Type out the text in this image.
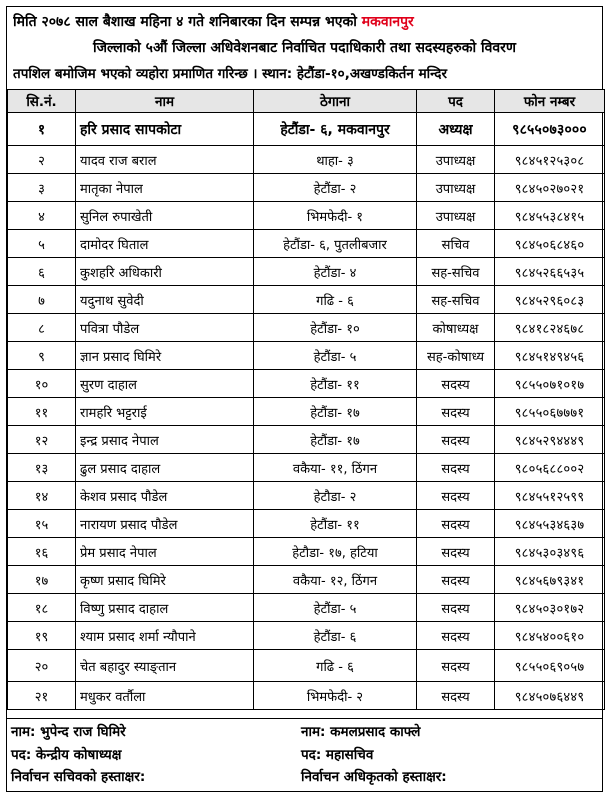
मिति २०७८ साल बैशाख महिना ४ गते शनिबारका दिन सम्पन्न भएको मकवानपुर

जिल्लाको ५औं जिल्ला अधिवेशनबाट निर्वाचित पदाधिकारी तथा सदस्यहरुको विवरण

तपशिल बमोजिम भएको व्यहोरा प्रमाणित गरिन्छ । स्थान: हेटौंडा-१०,अखण्डकिर्तन मन्दिर

सि.नं.	नाम	ठेगाना	पद	फोन नम्बर
१	हरि प्रसाद सापकोटा	हेटौंडा- ६, मकवानपुर	अध्यक्ष	९८५५०७३०००
२	यादव राज बराल	थाहा- ३	उपाध्यक्ष	९८४५१२५३०८
३	मातृका नेपाल	हेटौंडा- २	उपाध्यक्ष	९८४५०२७०२१
४	सुनिल रुपाखेती	भिमफेदी- १	उपाध्यक्ष	९८४५५३८४१५
५	दामोदर घिताल	हेटौंडा- ६, पुतलीबजार	सचिव	९८४५०६८४६०
६	कुशहरि अधिकारी	हेटौंडा- ४	सह-सचिव	९८४५२६६५३५
७	यदुनाथ सुवेदी	गढि - ६	सह-सचिव	९८४५२९६०८३
८	पवित्रा पौडेल	हेटौंडा- १०	कोषाध्यक्ष	९८४१८२४६७८
९	ज्ञान प्रसाद घिमिरे	हेटौंडा- ५	सह-कोषाध्य	९८४५१४९४५६
१०	सुरण दाहाल	हेटौंडा- ११	सदस्य	९८५५०७१०१७
११	रामहरि भट्टराई	हेटौंडा- १७	सदस्य	९८५५०६७७७१
१२	इन्द्र प्रसाद नेपाल	हेटौंडा- १७	सदस्य	९८४५२९४४४९
१३	ढुल प्रसाद दाहाल	वकैया- ११, ठिंगन	सदस्य	९८०५६८८००२
१४	केशव प्रसाद पौडेल	हेटौडा- २	सदस्य	९८४५५१२५९९
१५	नारायण प्रसाद पौडेल	हेटौंडा- ११	सदस्य	९८४५५३४६३७
१६	प्रेम प्रसाद नेपाल	हेटौडा- १७, हटिया	सदस्य	९८४५३०३४९६
१७	कृष्ण प्रसाद घिमिरे	वकैया- १२, ठिंगन	सदस्य	९८४५६७९३४१
१८	विष्णु प्रसाद दाहाल	हेटौंडा- ५	सदस्य	९८४५०३०१७२
१९	श्याम प्रसाद शर्मा न्यौपाने	हेटौंडा- ६	सदस्य	९८४५४००६१०
२०	चेत बहादुर स्याङ्तान	गढि - ६	सदस्य	९८५५०६९०५७
२१	मधुकर वर्तौला	भिमफेदी- २	सदस्य	९८४५०७६४४९
नाम: भुपेन्द राज घिमिरे	नाम: कमलप्रसाद काफ्ले
पद: केन्द्रीय कोषाध्यक्ष	पद: महासचिव
निर्वाचन सचिवको हस्ताक्षर:	निर्वाचन अधिकृतको हस्ताक्षर:
